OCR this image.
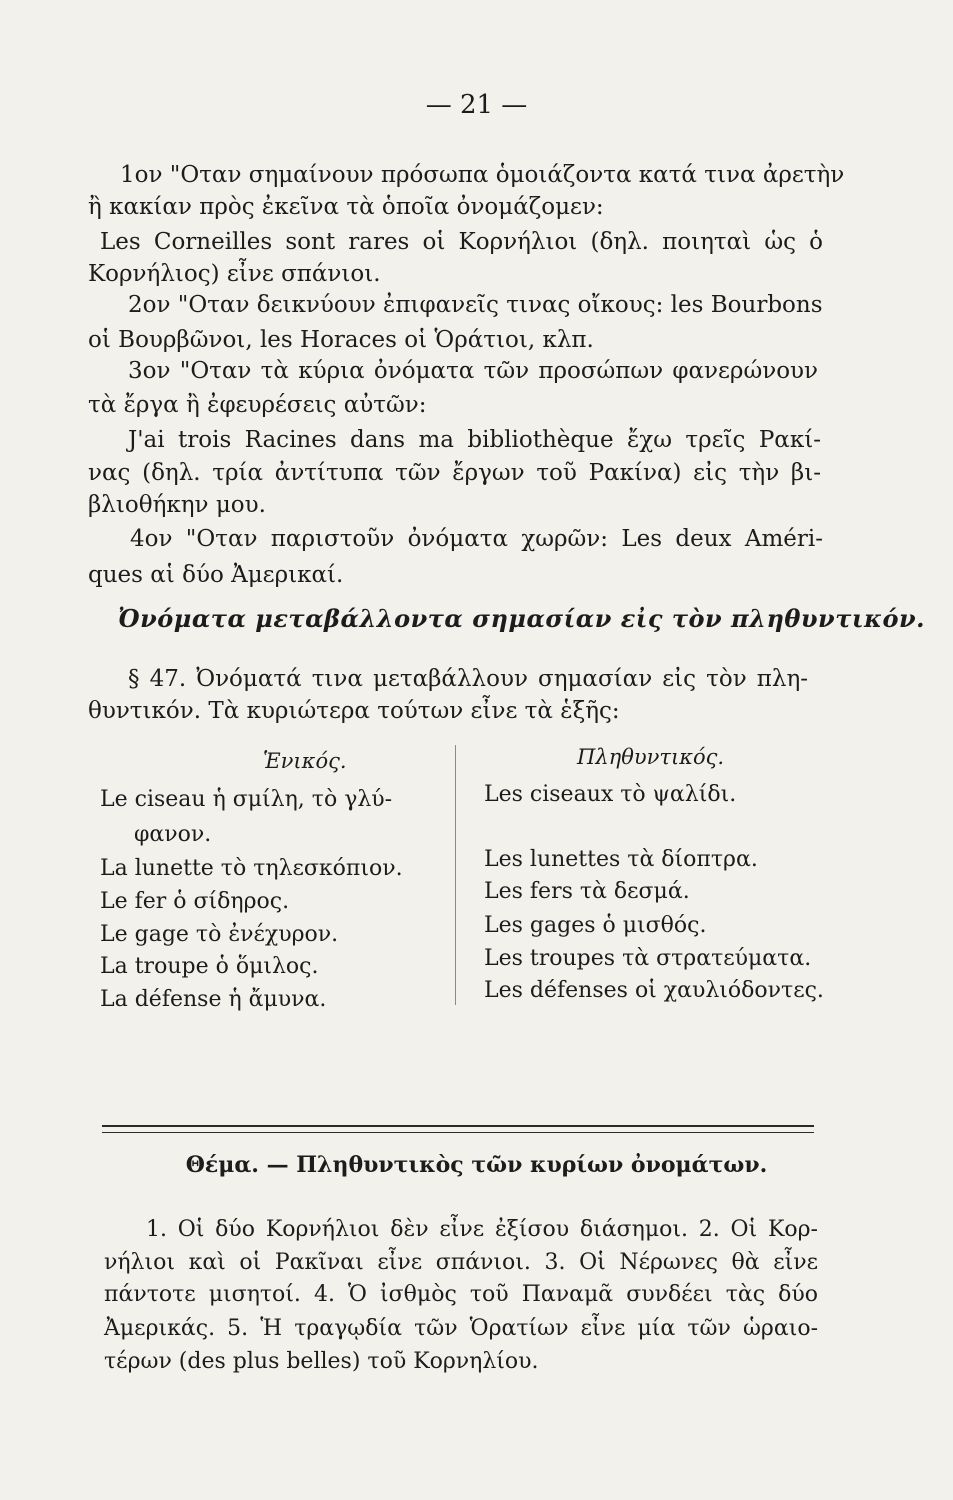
— 21 —
1ον "Οταν σημαίνουν πρόσωπα ὁμοιάζοντα κατά τινα ἀρετὴν
ἢ κακίαν πρὸς ἐκεῖνα τὰ ὁποῖα ὀνομάζομεν:
Les Corneilles sont rares οἱ Κορνήλιοι (δηλ. ποιηταὶ ὡς ὁ
Κορνήλιος) εἶνε σπάνιοι.
2ον "Οταν δεικνύουν ἐπιφανεῖς τινας οἴκους: les Bourbons
οἱ Βουρβῶνοι, les Horaces οἱ Ὁράτιοι, κλπ.
3ον "Οταν τὰ κύρια ὀνόματα τῶν προσώπων φανερώνουν
τὰ ἔργα ἢ ἐφευρέσεις αὐτῶν:
J'ai trois Racines dans ma bibliothèque ἔχω τρεῖς Ρακί-
νας (δηλ. τρία ἀντίτυπα τῶν ἔργων τοῦ Ρακίνα) εἰς τὴν βι-
βλιοθήκην μου.
4ον "Οταν παριστοῦν ὀνόματα χωρῶν: Les deux Améri-
ques αἱ δύο Ἀμερικαί.
Ὀνόματα μεταβάλλοντα σημασίαν εἰς τὸν πληθυντικόν.
§ 47. Ὀνόματά τινα μεταβάλλουν σημασίαν εἰς τὸν πλη-
θυντικόν. Τὰ κυριώτερα τούτων εἶνε τὰ ἑξῆς:
Ἑνικός.	Πληθυντικός.
Le ciseau ἡ σμίλη, τὸ γλύ-
φανον.
La lunette τὸ τηλεσκόπιον.
Le fer ὁ σίδηρος.
Le gage τὸ ἐνέχυρον.
La troupe ὁ ὅμιλος.
La défense ἡ ἄμυνα.
Les ciseaux τὸ ψαλίδι.
Les lunettes τὰ δίοπτρα.
Les fers τὰ δεσμά.
Les gages ὁ μισθός.
Les troupes τὰ στρατεύματα.
Les défenses οἱ χαυλιόδοντες.
Θέμα. — Πληθυντικὸς τῶν κυρίων ὀνομάτων.
1. Οἱ δύο Κορνήλιοι δὲν εἶνε ἐξίσου διάσημοι. 2. Οἱ Κορ-
νήλιοι καὶ οἱ Ρακῖναι εἶνε σπάνιοι. 3. Οἱ Νέρωνες θὰ εἶνε
πάντοτε μισητοί. 4. Ὁ ἰσθμὸς τοῦ Παναμᾶ συνδέει τὰς δύο
Ἀμερικάς. 5. Ἡ τραγῳδία τῶν Ὁρατίων εἶνε μία τῶν ὡραιο-
τέρων (des plus belles) τοῦ Κορνηλίου.
